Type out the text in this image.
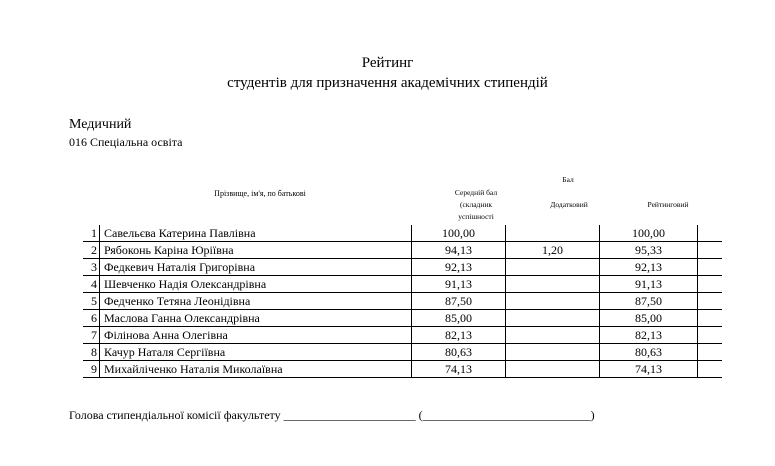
Рейтинг
студентів для призначення академічних стипендій
Медичний
016 Спеціальна освіта
Прізвище, ім'я, по батькові
Бал
Середній бал
(складник
успішності
Додатковий	Рейтинговий
1	Савельєва Катерина Павлівна	100,00		100,00	
2	Рябоконь Каріна Юріївна	94,13	1,20	95,33	
3	Федкевич Наталія Григорівна	92,13		92,13	
4	Шевченко Надія Олександрівна	91,13		91,13	
5	Федченко Тетяна Леонідівна	87,50		87,50	
6	Маслова Ганна Олександрівна	85,00		85,00	
7	Філінова Анна Олегівна	82,13		82,13	
8	Качур Наталя Сергіївна	80,63		80,63	
9	Михайліченко Наталія Миколаївна	74,13		74,13	
Голова стипендіальної комісії факультету ______________________ (____________________________)
